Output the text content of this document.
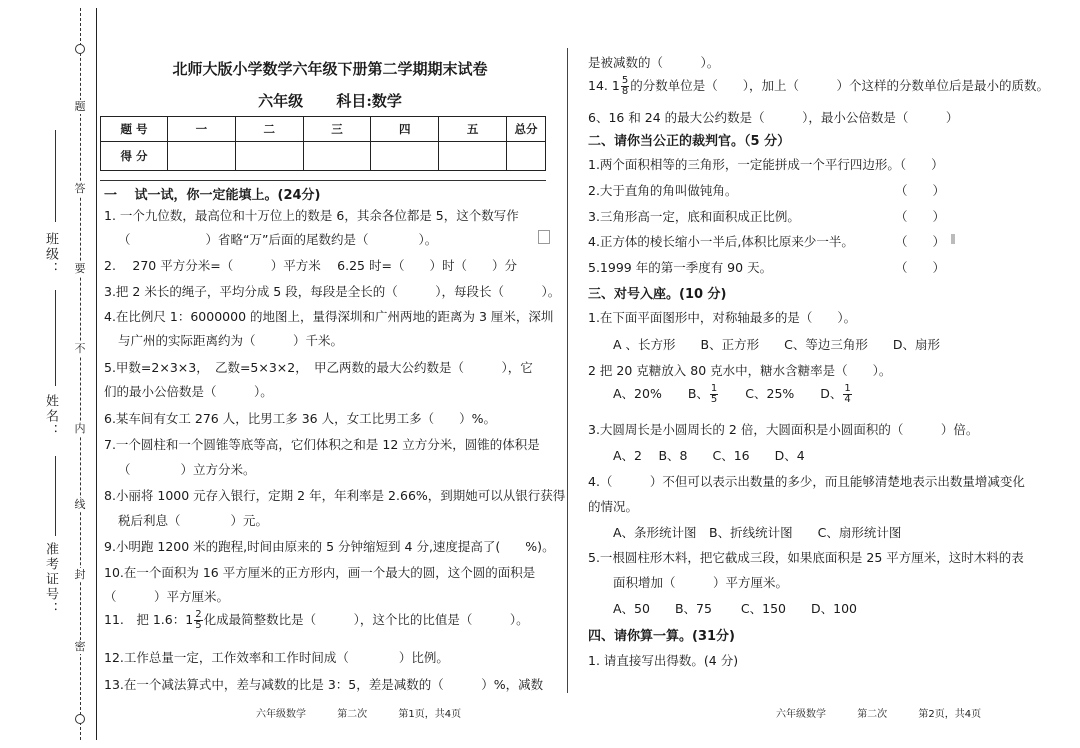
题
答
要
不
内
线
封
密
班级：
姓名：
准考证号：
北师大版小学数学六年级下册第二学期期末试卷
六年级 科目:数学
题 号	一	二	三	四	五	总分
得 分						
一　 试一试，你一定能填上。(24分)
1. 一个九位数，最高位和十万位上的数是 6，其余各位都是 5，这个数写作
（　　　　　　）省略“万”后面的尾数约是（　　　　）。
2.　 270 平方分米=（　　　）平方米　 6.25 时=（　　）时（　　）分
3.把 2 米长的绳子，平均分成 5 段，每段是全长的（　　　），每段长（　　　）。
4.在比例尺 1：6000000 的地图上，量得深圳和广州两地的距离为 3 厘米，深圳
与广州的实际距离约为（　　　）千米。
5.甲数=2×3×3，　乙数=5×3×2，　甲乙两数的最大公约数是（　　　），它
们的最小公倍数是（　　　）。
6.某车间有女工 276 人，比男工多 36 人，女工比男工多（　　）%。
7.一个圆柱和一个圆锥等底等高，它们体积之和是 12 立方分米，圆锥的体积是
（　　　　）立方分米。
8.小丽将 1000 元存入银行，定期 2 年，年利率是 2.66%，到期她可以从银行获得
税后利息（　　　　）元。
9.小明跑 1200 米的跑程,时间由原来的 5 分钟缩短到 4 分,速度提高了(　　%)。
10.在一个面积为 16 平方厘米的正方形内，画一个最大的圆，这个圆的面积是
（　　　）平方厘米。
11.　把 1.6：$1 \frac{2}{5}$ 化成最简整数比是（　　　），这个比的比值是（　　　）。
12.工作总量一定，工作效率和工作时间成（　　　　）比例。
13.在一个减法算式中，差与减数的比是 3：5，差是减数的（　　　）%，减数
是被减数的（　　　）。
14. $1 \frac{5}{8}$ 的分数单位是（　　），加上（　　　）个这样的分数单位后是最小的质数。
6、16 和 24 的最大公约数是（　　　），最小公倍数是（　　　）
二、请你当公正的裁判官。（5 分）
1.两个面积相等的三角形，一定能拼成一个平行四边形。（　　）
2.大于直角的角叫做钝角。	（　　）
3.三角形高一定，底和面积成正比例。	（　　）
4.正方体的棱长缩小一半后,体积比原来少一半。	（　　）
5.1999 年的第一季度有 90 天。	（　　）
三、对号入座。(10 分)
1.在下面平面图形中，对称轴最多的是（　　）。
A 、长方形　　B、正方形　　C、等边三角形　　D、扇形
2 把 20 克糖放入 80 克水中，糖水含糖率是（　　）。
A、20% B、 $\frac{1}{5}$ C、25% D、 $\frac{1}{4}$
3.大圆周长是小圆周长的 2 倍，大圆面积是小圆面积的（　　　）倍。
A、2　 B、8　　C、16　　D、4
4.（　　　）不但可以表示出数量的多少，而且能够清楚地表示出数量增减变化
的情况。
A、条形统计图　B、折线统计图　　C、扇形统计图
5.一根圆柱形木料，把它截成三段，如果底面积是 25 平方厘米，这时木料的表
面积增加（　　　）平方厘米。
A、50　　B、75　　 C、150　　D、100
四、请你算一算。(31分)
1. 请直接写出得数。(4 分)
六年级数学	第二次	第1页，共4页	六年级数学	第二次	第2页，共4页
